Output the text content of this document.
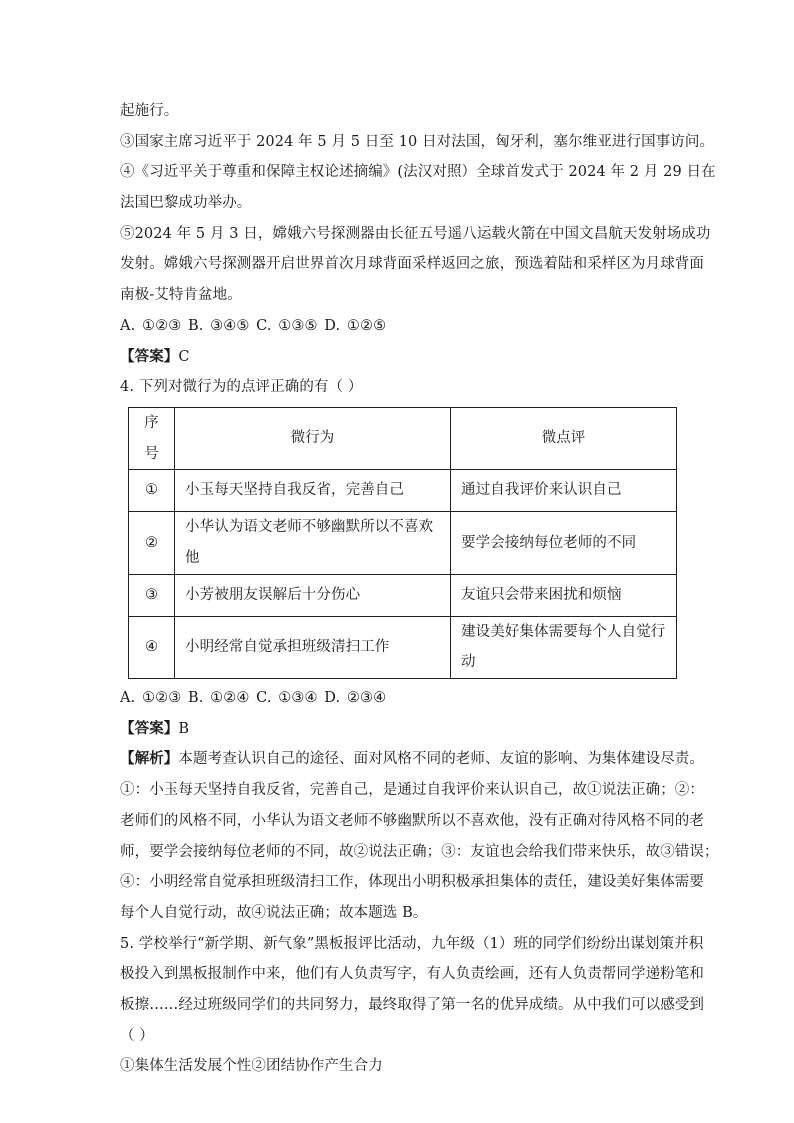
起施行。
③国家主席习近平于 2024 年 5 月 5 日至 10 日对法国，匈牙利，塞尔维亚进行国事访问。
④《习近平关于尊重和保障主权论述摘编》(法汉对照）全球首发式于 2024 年 2 月 29 日在
法国巴黎成功举办。
⑤2024 年 5 月 3 日，嫦娥六号探测器由长征五号遥八运载火箭在中国文昌航天发射场成功
发射。嫦娥六号探测器开启世界首次月球背面采样返回之旅，预选着陆和采样区为月球背面
南极-艾特肯盆地。
A. ①②③ B. ③④⑤ C. ①③⑤ D. ①②⑤
【答案】C
4. 下列对微行为的点评正确的有（ ）
序号	微行为	微点评
①	小玉每天坚持自我反省，完善自己	通过自我评价来认识自己
②	小华认为语文老师不够幽默所以不喜欢他	要学会接纳每位老师的不同
③	小芳被朋友误解后十分伤心	友谊只会带来困扰和烦恼
④	小明经常自觉承担班级清扫工作	建设美好集体需要每个人自觉行动
A. ①②③ B. ①②④ C. ①③④ D. ②③④
【答案】B
【解析】本题考查认识自己的途径、面对风格不同的老师、友谊的影响、为集体建设尽责。
①：小玉每天坚持自我反省，完善自己，是通过自我评价来认识自己，故①说法正确；②：
老师们的风格不同，小华认为语文老师不够幽默所以不喜欢他，没有正确对待风格不同的老
师，要学会接纳每位老师的不同，故②说法正确；③：友谊也会给我们带来快乐，故③错误；
④：小明经常自觉承担班级清扫工作，体现出小明积极承担集体的责任，建设美好集体需要
每个人自觉行动，故④说法正确；故本题选 B。
5. 学校举行“新学期、新气象”黑板报评比活动，九年级（1）班的同学们纷纷出谋划策并积
极投入到黑板报制作中来，他们有人负责写字，有人负责绘画，还有人负责帮同学递粉笔和
板擦……经过班级同学们的共同努力，最终取得了第一名的优异成绩。从中我们可以感受到
（ ）
①集体生活发展个性②团结协作产生合力
